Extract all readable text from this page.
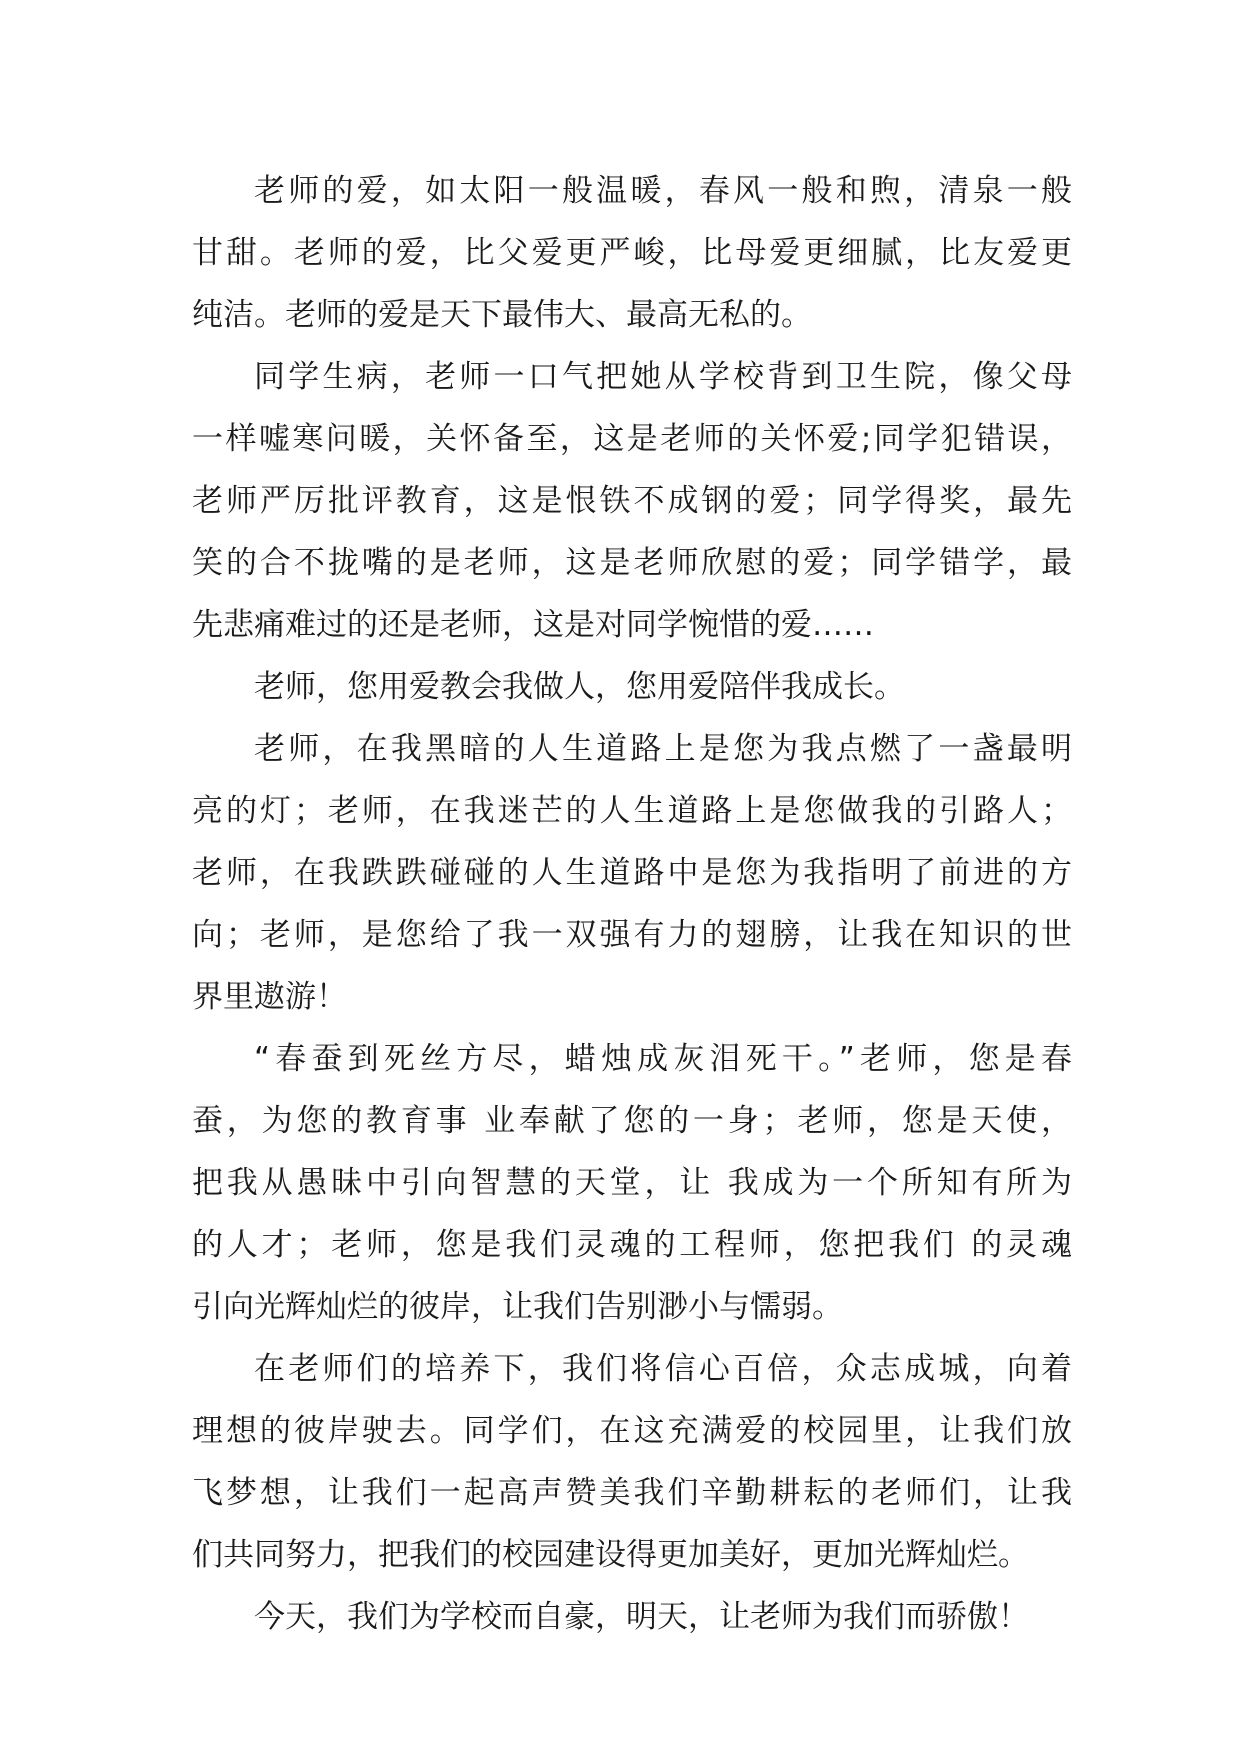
老师的爱，如太阳一般温暖，春风一般和煦，清泉一般
甘甜。老师的爱，比父爱更严峻，比母爱更细腻，比友爱更
纯洁。老师的爱是天下最伟大、最高无私的。
同学生病，老师一口气把她从学校背到卫生院，像父母
一样嘘寒问暖，关怀备至，这是老师的关怀爱;同学犯错误，
老师严厉批评教育，这是恨铁不成钢的爱；同学得奖，最先
笑的合不拢嘴的是老师，这是老师欣慰的爱；同学错学，最
先悲痛难过的还是老师，这是对同学惋惜的爱……
老师，您用爱教会我做人，您用爱陪伴我成长。
老师，在我黑暗的人生道路上是您为我点燃了一盏最明
亮的灯；老师，在我迷芒的人生道路上是您做我的引路人；
老师，在我跌跌碰碰的人生道路中是您为我指明了前进的方
向；老师，是您给了我一双强有力的翅膀，让我在知识的世
界里遨游！
“春蚕到死丝方尽，蜡烛成灰泪死干。”老师，您是春
蚕，为您的教育事 业奉献了您的一身；老师，您是天使，
把我从愚昧中引向智慧的天堂，让 我成为一个所知有所为
的人才；老师，您是我们灵魂的工程师，您把我们 的灵魂
引向光辉灿烂的彼岸，让我们告别渺小与懦弱。
在老师们的培养下，我们将信心百倍，众志成城，向着
理想的彼岸驶去。同学们，在这充满爱的校园里，让我们放
飞梦想，让我们一起高声赞美我们辛勤耕耘的老师们，让我
们共同努力，把我们的校园建设得更加美好，更加光辉灿烂。
今天，我们为学校而自豪，明天，让老师为我们而骄傲！
